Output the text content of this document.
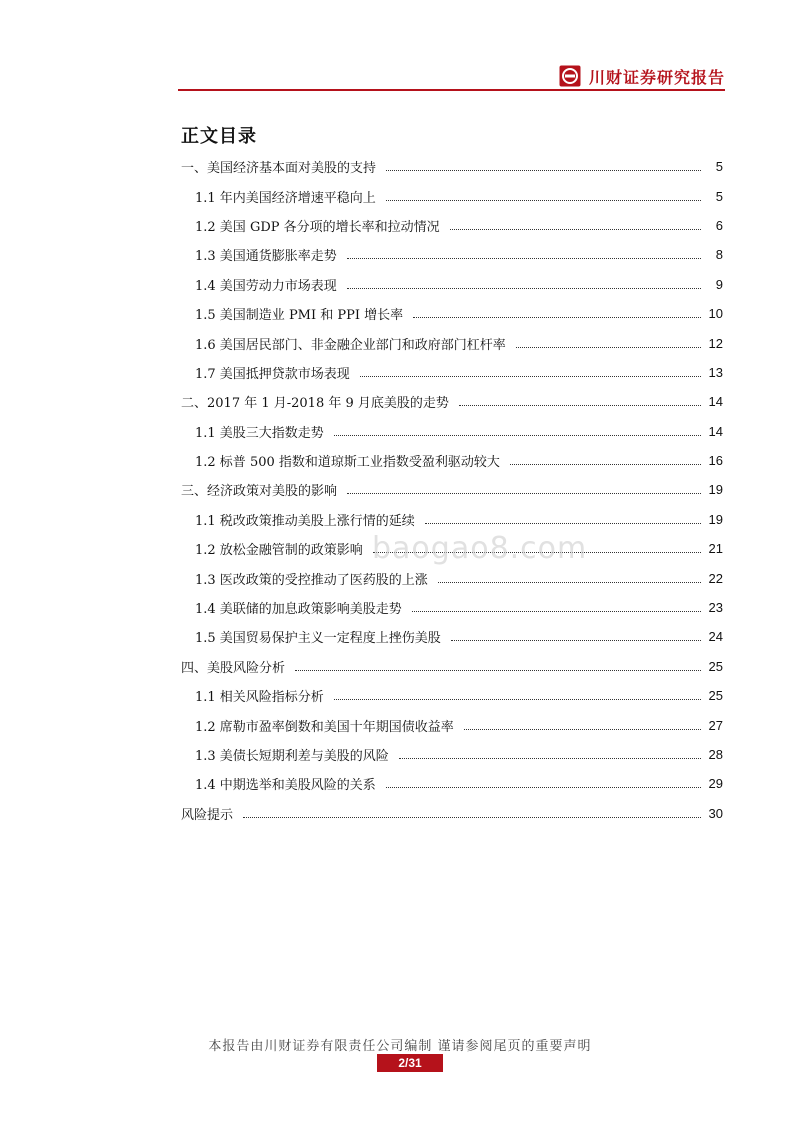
川财证券研究报告
正文目录
一、美国经济基本面对美股的支持	5
1.1 年内美国经济增速平稳向上	5
1.2 美国 GDP 各分项的增长率和拉动情况	6
1.3 美国通货膨胀率走势	8
1.4 美国劳动力市场表现	9
1.5 美国制造业 PMI 和 PPI 增长率	10
1.6 美国居民部门、非金融企业部门和政府部门杠杆率	12
1.7 美国抵押贷款市场表现	13
二、2017 年 1 月-2018 年 9 月底美股的走势	14
1.1 美股三大指数走势	14
1.2 标普 500 指数和道琼斯工业指数受盈利驱动较大	16
三、经济政策对美股的影响	19
1.1 税改政策推动美股上涨行情的延续	19
1.2 放松金融管制的政策影响	21
1.3 医改政策的受控推动了医药股的上涨	22
1.4 美联储的加息政策影响美股走势	23
1.5 美国贸易保护主义一定程度上挫伤美股	24
四、美股风险分析	25
1.1 相关风险指标分析	25
1.2 席勒市盈率倒数和美国十年期国债收益率	27
1.3 美债长短期利差与美股的风险	28
1.4 中期选举和美股风险的关系	29
风险提示	30
baogao8.com
本报告由川财证券有限责任公司编制 谨请参阅尾页的重要声明
2/31
